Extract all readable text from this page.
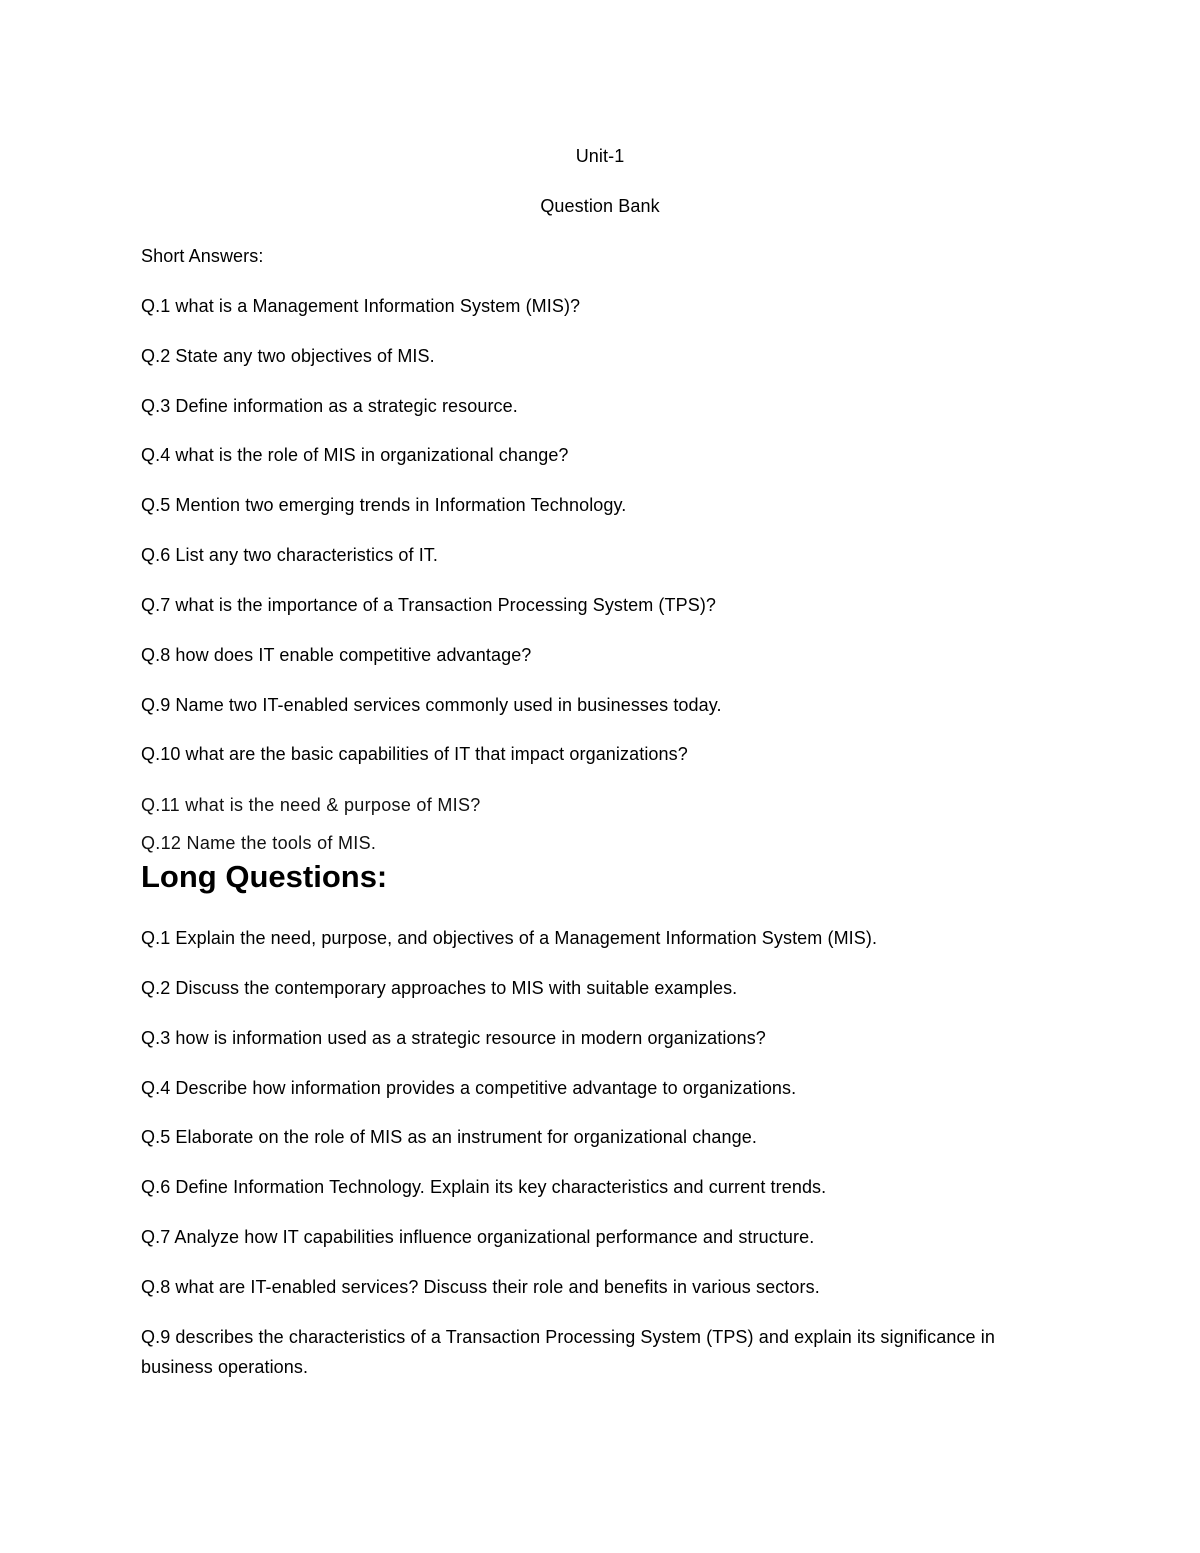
Unit-1
Question Bank
Short Answers:
Q.1 what is a Management Information System (MIS)?
Q.2 State any two objectives of MIS.
Q.3 Define information as a strategic resource.
Q.4 what is the role of MIS in organizational change?
Q.5 Mention two emerging trends in Information Technology.
Q.6 List any two characteristics of IT.
Q.7 what is the importance of a Transaction Processing System (TPS)?
Q.8 how does IT enable competitive advantage?
Q.9 Name two IT-enabled services commonly used in businesses today.
Q.10 what are the basic capabilities of IT that impact organizations?
Q.11 what is the need & purpose of MIS?
Q.12 Name the tools of MIS.
Long Questions:
Q.1 Explain the need, purpose, and objectives of a Management Information System (MIS).
Q.2 Discuss the contemporary approaches to MIS with suitable examples.
Q.3 how is information used as a strategic resource in modern organizations?
Q.4 Describe how information provides a competitive advantage to organizations.
Q.5 Elaborate on the role of MIS as an instrument for organizational change.
Q.6 Define Information Technology. Explain its key characteristics and current trends.
Q.7 Analyze how IT capabilities influence organizational performance and structure.
Q.8 what are IT-enabled services? Discuss their role and benefits in various sectors.
Q.9 describes the characteristics of a Transaction Processing System (TPS) and explain its significance in business operations.
